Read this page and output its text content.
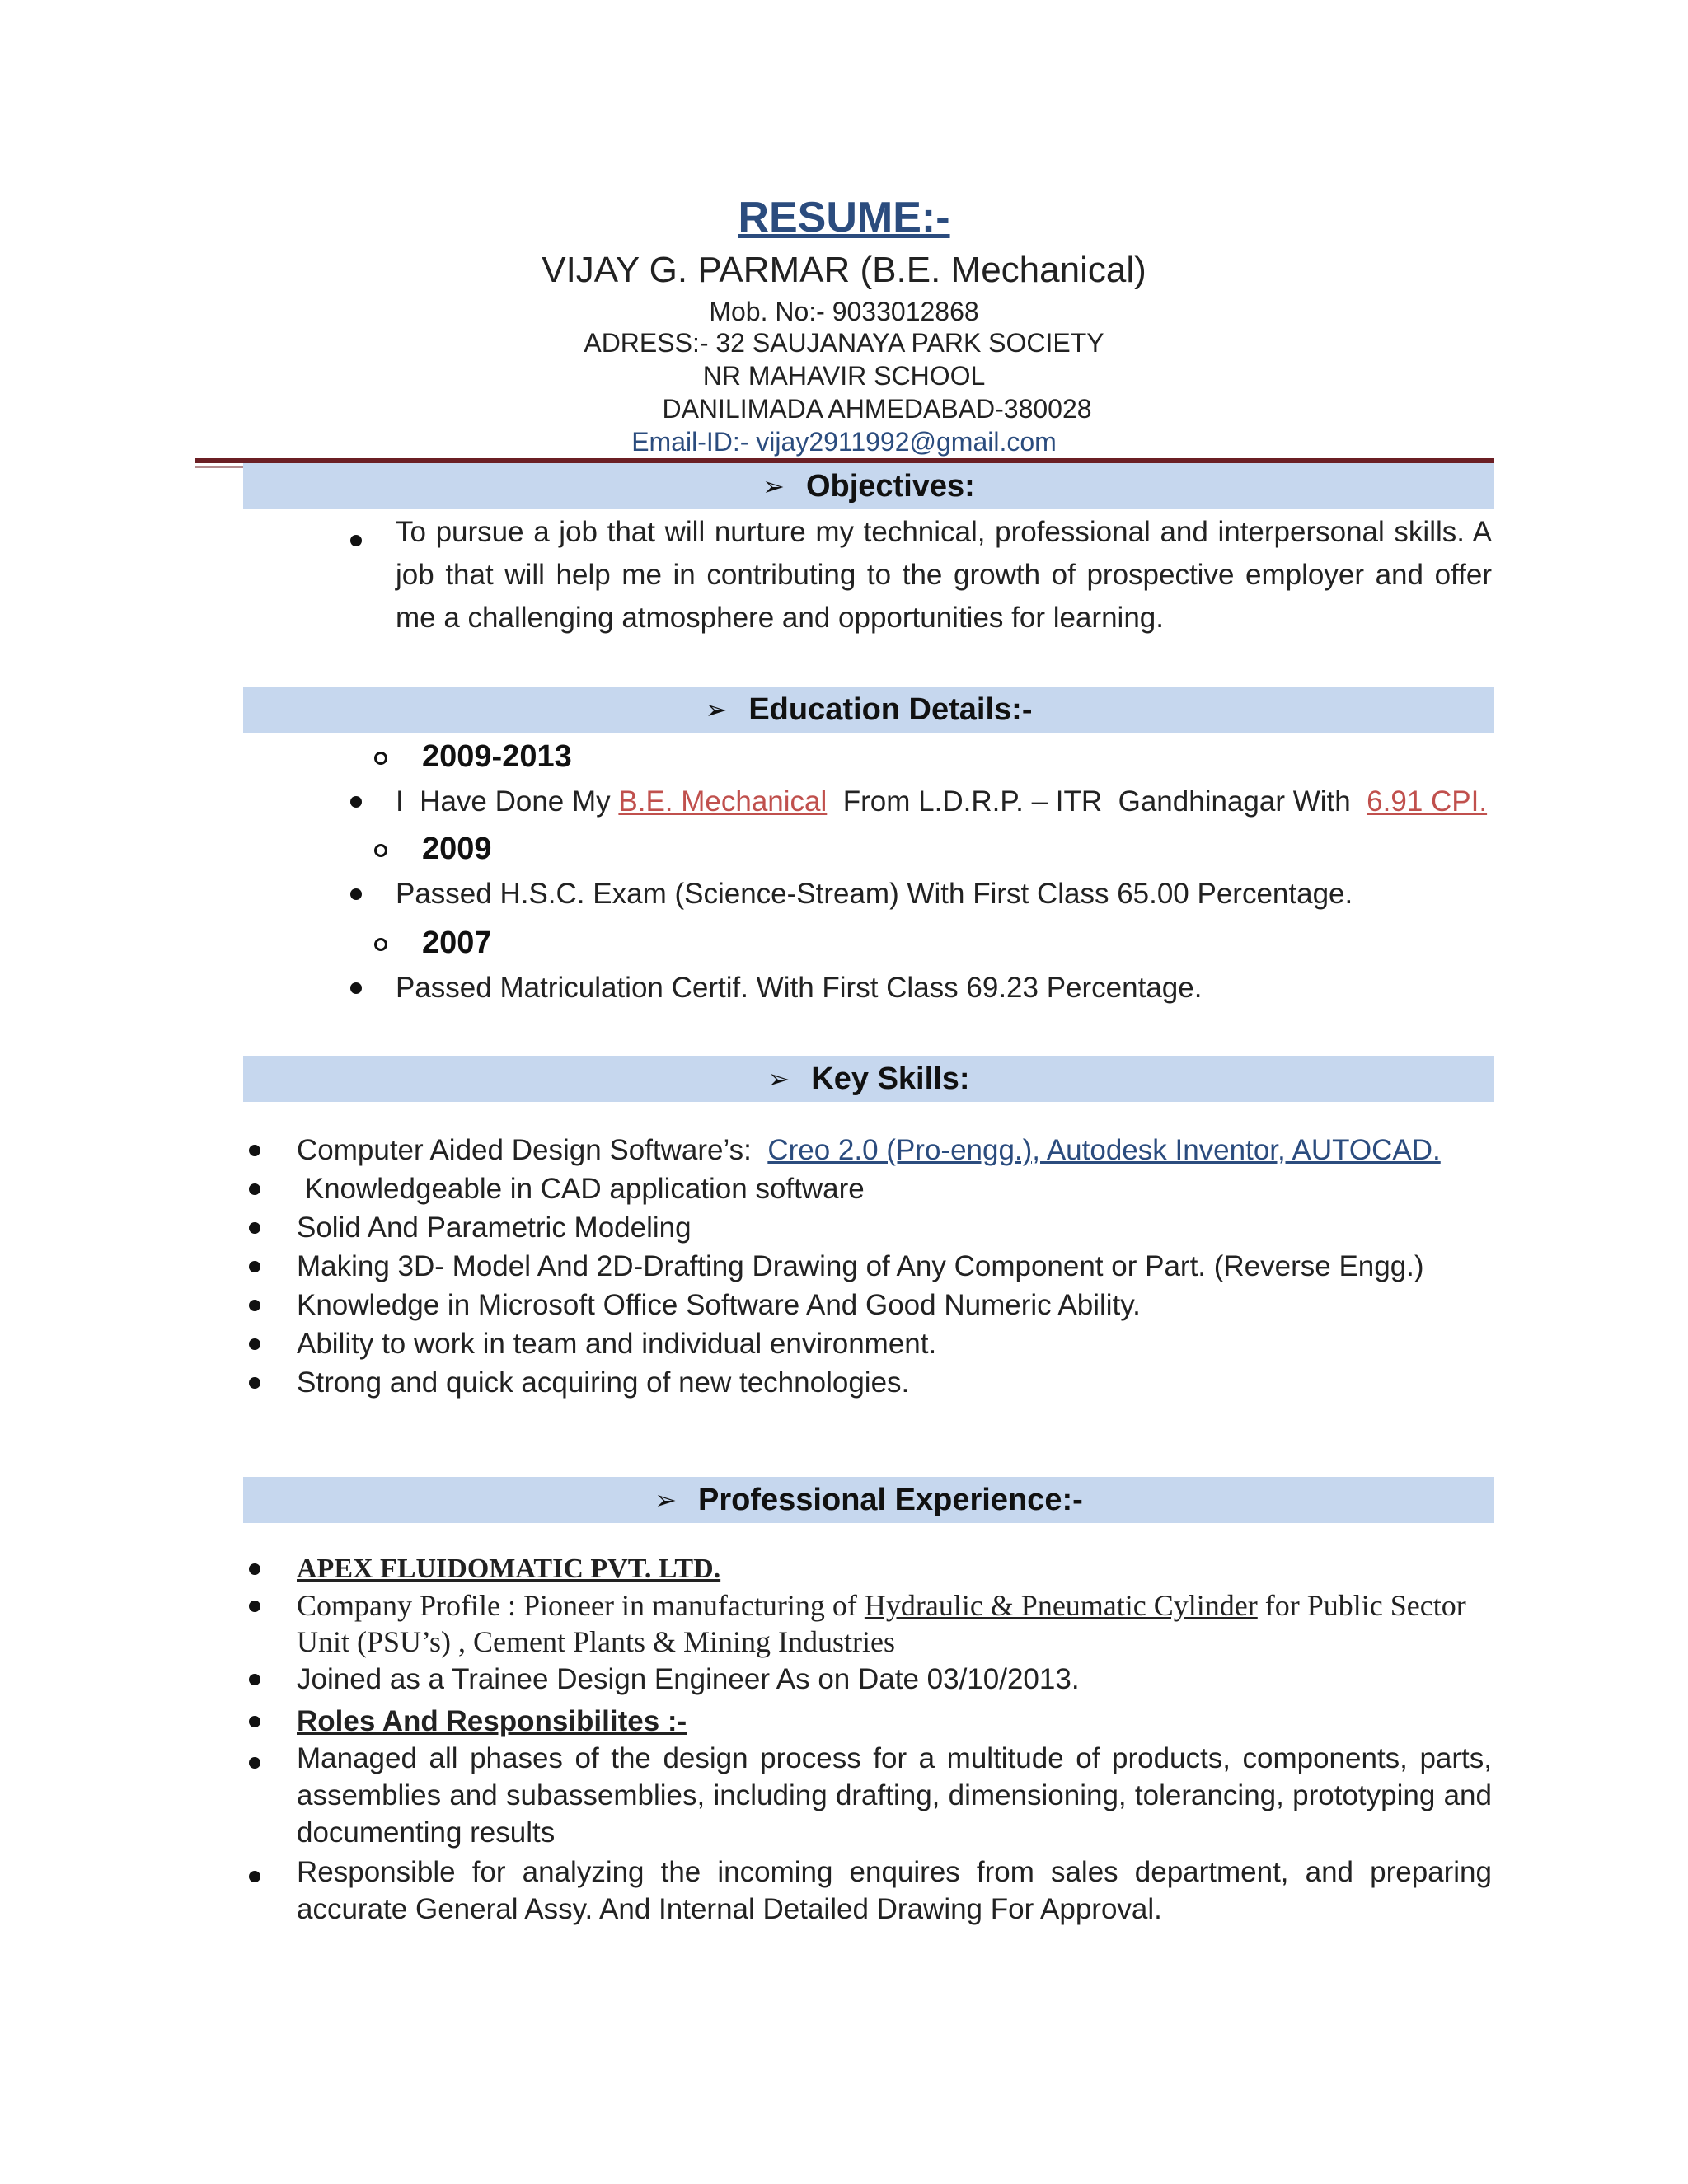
RESUME:-
VIJAY G. PARMAR (B.E. Mechanical)
Mob. No:- 9033012868
ADRESS:- 32 SAUJANAYA PARK SOCIETY
NR MAHAVIR SCHOOL
DANILIMADA AHMEDABAD-380028
Email-ID:- vijay2911992@gmail.com
➢ Objectives:
To pursue a job that will nurture my technical, professional and interpersonal skills. A job that will help me in contributing to the growth of prospective employer and offer me a challenging atmosphere and opportunities for learning.
➢ Education Details:-
2009-2013
I  Have Done My B.E. Mechanical  From L.D.R.P. – ITR  Gandhinagar With  6.91 CPI.
2009
Passed H.S.C. Exam (Science-Stream) With First Class 65.00 Percentage.
2007
Passed Matriculation Certif. With First Class 69.23 Percentage.
➢ Key Skills:
Computer Aided Design Software’s:  Creo 2.0 (Pro-engg.), Autodesk Inventor, AUTOCAD.
Knowledgeable in CAD application software
Solid And Parametric Modeling
Making 3D- Model And 2D-Drafting Drawing of Any Component or Part. (Reverse Engg.)
Knowledge in Microsoft Office Software And Good Numeric Ability.
Ability to work in team and individual environment.
Strong and quick acquiring of new technologies.
➢ Professional Experience:-
APEX FLUIDOMATIC PVT. LTD.
Company Profile : Pioneer in manufacturing of Hydraulic & Pneumatic Cylinder for Public Sector Unit (PSU’s) , Cement Plants & Mining Industries
Joined as a Trainee Design Engineer As on Date 03/10/2013.
Roles And Responsibilites :-
Managed all phases of the design process for a multitude of products, components, parts, assemblies and subassemblies, including drafting, dimensioning, tolerancing, prototyping and documenting results
Responsible for analyzing the incoming enquires from sales department, and preparing accurate General Assy. And Internal Detailed Drawing For Approval.
